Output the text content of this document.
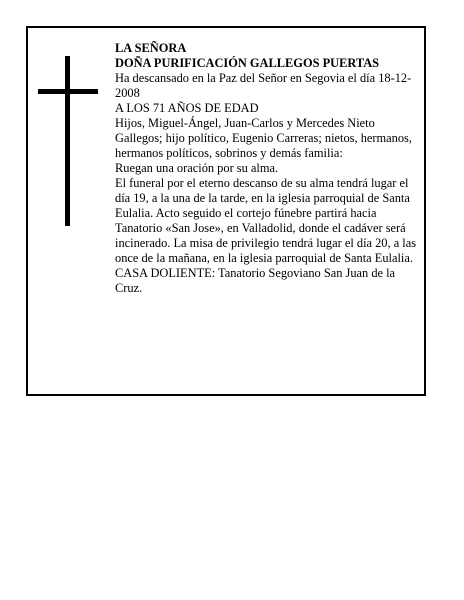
LA SEÑORA

DOÑA PURIFICACIÓN GALLEGOS PUERTAS

Ha descansado en la Paz del Señor en Segovia el día 18-12-2008

A LOS 71 AÑOS DE EDAD

Hijos, Miguel-Ángel, Juan-Carlos y Mercedes Nieto Gallegos; hijo político, Eugenio Carreras; nietos, hermanos, hermanos políticos, sobrinos y demás familia:

Ruegan una oración por su alma.

El funeral por el eterno descanso de su alma tendrá lugar el día 19, a la una de la tarde, en la iglesia parroquial de Santa Eulalia. Acto seguido el cortejo fúnebre partirá hacia Tanatorio «San Jose», en Valladolid, donde el cadáver será incinerado. La misa de privilegio tendrá lugar el día 20, a las once de la mañana, en la iglesia parroquial de Santa Eulalia.

CASA DOLIENTE: Tanatorio Segoviano San Juan de la Cruz.
